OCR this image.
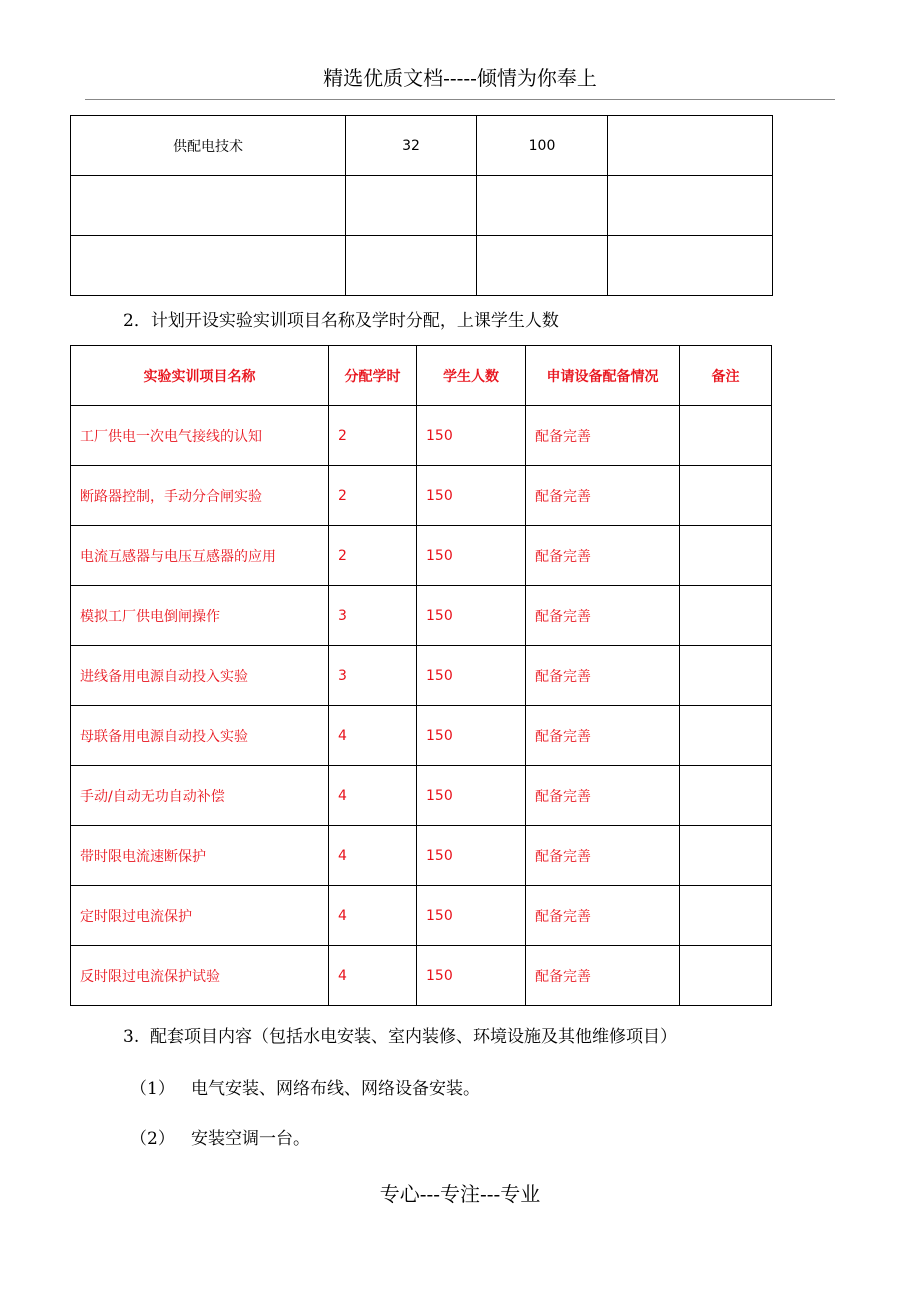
精选优质文档-----倾情为你奉上
供配电技术	32	100	

2．计划开设实验实训项目名称及学时分配，上课学生人数
实验实训项目名称	分配学时	学生人数	申请设备配备情况	备注
工厂供电一次电气接线的认知	2	150	配备完善	
断路器控制，手动分合闸实验	2	150	配备完善	
电流互感器与电压互感器的应用	2	150	配备完善	
模拟工厂供电倒闸操作	3	150	配备完善	
进线备用电源自动投入实验	3	150	配备完善	
母联备用电源自动投入实验	4	150	配备完善	
手动/自动无功自动补偿	4	150	配备完善	
带时限电流速断保护	4	150	配备完善	
定时限过电流保护	4	150	配备完善	
反时限过电流保护试验	4	150	配备完善	
3.  配套项目内容（包括水电安装、室内装修、环境设施及其他维修项目）
（1）   电气安装、网络布线、网络设备安装。
（2）   安装空调一台。
专心---专注---专业
